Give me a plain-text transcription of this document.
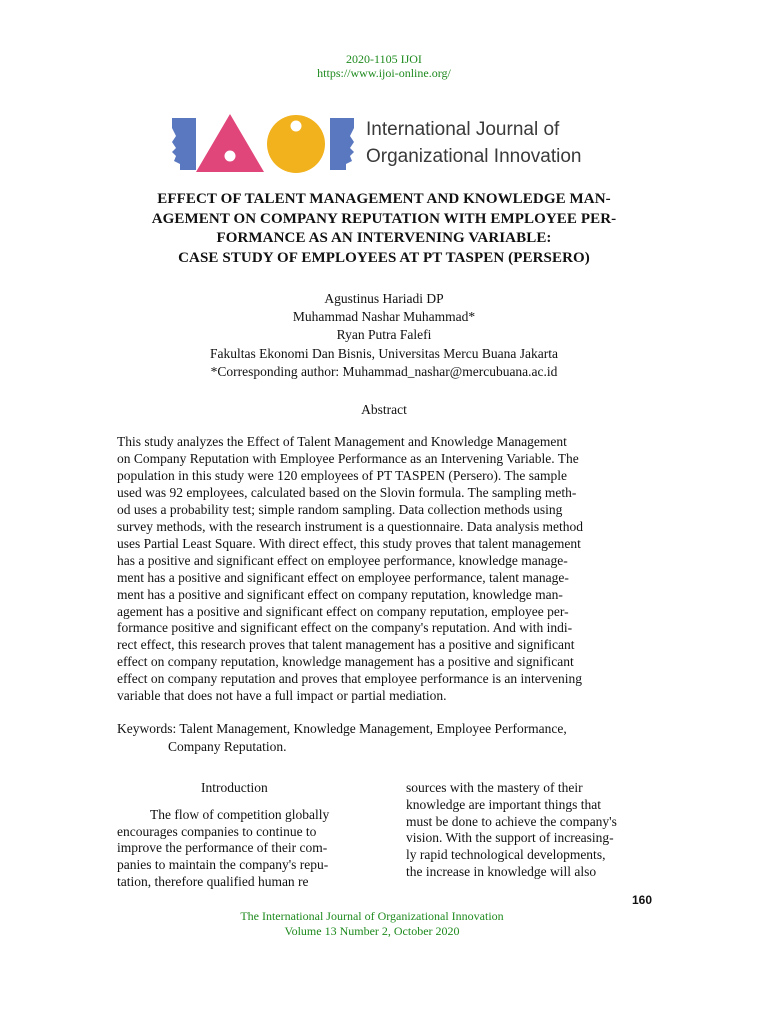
2020-1105 IJOI
https://www.ijoi-online.org/
International Journal of
Organizational Innovation
EFFECT OF TALENT MANAGEMENT AND KNOWLEDGE MAN-
AGEMENT ON COMPANY REPUTATION WITH EMPLOYEE PER-
FORMANCE AS AN INTERVENING VARIABLE:
CASE STUDY OF EMPLOYEES AT PT TASPEN (PERSERO)
Agustinus Hariadi DP
Muhammad Nashar Muhammad*
Ryan Putra Falefi
Fakultas Ekonomi Dan Bisnis, Universitas Mercu Buana Jakarta
*Corresponding author: Muhammad_nashar@mercubuana.ac.id
Abstract
This study analyzes the Effect of Talent Management and Knowledge Management
on Company Reputation with Employee Performance as an Intervening Variable. The
population in this study were 120 employees of PT TASPEN (Persero). The sample
used was 92 employees, calculated based on the Slovin formula. The sampling meth-
od uses a probability test; simple random sampling. Data collection methods using
survey methods, with the research instrument is a questionnaire. Data analysis method
uses Partial Least Square. With direct effect, this study proves that talent management
has a positive and significant effect on employee performance, knowledge manage-
ment has a positive and significant effect on employee performance, talent manage-
ment has a positive and significant effect on company reputation, knowledge man-
agement has a positive and significant effect on company reputation, employee per-
formance positive and significant effect on the company's reputation. And with indi-
rect effect, this research proves that talent management has a positive and significant
effect on company reputation, knowledge management has a positive and significant
effect on company reputation and proves that employee performance is an intervening
variable that does not have a full impact or partial mediation.
Keywords: Talent Management, Knowledge Management, Employee Performance,
Company Reputation.
Introduction
The flow of competition globally
encourages companies to continue to
improve the performance of their com-
panies to maintain the company's repu-
tation, therefore qualified human re
sources with the mastery of their
knowledge are important things that
must be done to achieve the company's
vision. With the support of increasing-
ly rapid technological developments,
the increase in knowledge will also
160
The International Journal of Organizational Innovation
Volume 13 Number 2, October 2020
